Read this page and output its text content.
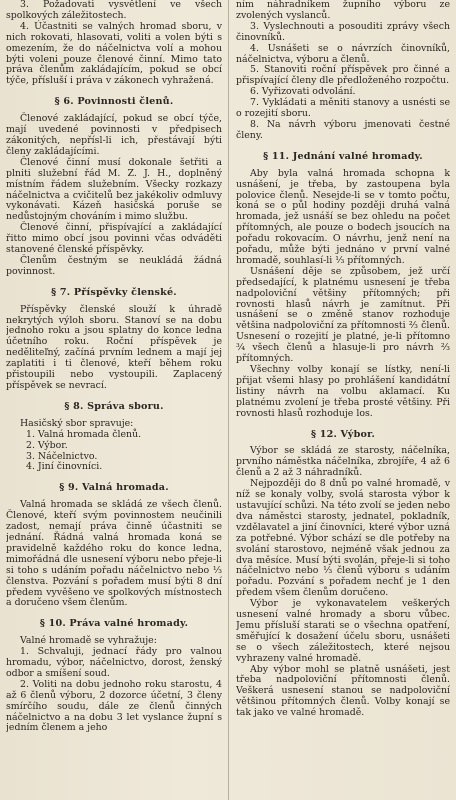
3. Požadovati vysvětlení ve všech spolkových záležitostech.

4. Účastniti se valných hromad sboru, v nich rokovati, hlasovati, voliti a volen býti s omezením, že do náčelnictva volí a mohou býti voleni pouze členové činní. Mimo tato práva členům zakládajícím, pokud se obcí týče, přísluší i práva v zákonech vyhražená.

§ 6. Povinnosti členů.

Členové zakládající, pokud se obcí týče, mají uvedené povinnosti v předpisech zákonitých, nepřísl-li ich, přestávají býti členy zakládajícími.

Členové činní musí dokonale šetřiti a plniti služební řád M. Z. J. H., doplněný místním řádem služebním. Všecky rozkazy náčelnictva a cvičitelů bez jakékoliv odmluvy vykonávati. Kázeň hasičská poruše se nedůstojným chováním i mimo službu.

Členové činní, přispívající a zakládající řitto mimo obcí jsou povinni včas odváděti stanovené členské příspěvky.

Členům čestným se neukládá žádná povinnost.

§ 7. Příspěvky členské.

Příspěvky členské slouží k úhradě nekrytých výloh sboru. Stanoví se na dobu jednoho roku a jsou splatny do konce ledna účetního roku. Roční příspěvek je neděliteľný, začíná prvním lednem a mají jej zaplatiti i ti členové, kteří během roku přistoupili nebo vystoupili. Zaplacený příspěvek se nevrací.

§ 8. Správa sboru.

Hasičský sbor spravuje:

1. Valná hromada členů.
2. Výbor.
3. Náčelnictvo.
4. Jiní činovníci.
§ 9. Valná hromada.

Valná hromada se skládá ze všech členů. Členové, kteří svým povinnostem neučinili zadost, nemají práva činně účastniti se jednání. Řádná valná hromada koná se pravidelně každého roku do konce ledna, mimořádná dle usnesení výboru nebo přeje-li si toho s udáním pořadu náčelnictvo nebo ⅓ členstva. Pozvání s pořadem musí býti 8 dní předem vyvěšeno ve spolkových místnostech a doručeno všem členům.

§ 10. Práva valné hromady.

Valné hromadě se vyhražuje:

1. Schvaluji, jednací řády pro valnou hromadu, výbor, náčelnictvo, dorost, ženský odbor a smíšení soud.

2. Voliti na dobu jednoho roku starostu, 4 až 6 členů výboru, 2 dozorce účetní, 3 členy smírčího soudu, dále ze členů činných náčelnictvo a na dobu 3 let vyslance župní s jedním členem a jeho

ním náhradníkem župního výboru ze zvolených vyslanců.

3. Vyslechnouti a posouditi zprávy všech činovníků.

4. Usnášeti se o návrzích činovníků, náčelnictva, výboru a členů.

5. Stanoviti roční příspěvek pro činné a přispívající členy dle předloženého rozpočtu.

6. Vyřizovati odvolání.

7. Vykládati a měniti stanovy a usnésti se o rozejití sboru.

8. Na návrh výboru jmenovati čestné členy.

§ 11. Jednání valné hromady.

Aby byla valná hromada schopna k usnášení, je třeba, by zastoupena byla polovice členů. Nesejde-li se v tomto počtu, koná se o půl hodiny později druhá valná hromada, jež usnáší se bez ohledu na počet přítomných, ale pouze o bodech jsoucích na pořadu rokovacím. O návrhu, jenž není na pořadu, může býti jednáno v první valné hromadě, souhlasí-li ⅓ přítomných.

Usnášení děje se způsobem, jež určí předsedající, k platnému usnesení je třeba nadpoloviční většiny přítomných; při rovnosti hlasů návrh je zamítnut. Při usnášení se o změně stanov rozhoduje většina nadpoloviční za přítomnosti ⅔ členů. Usnesení o rozejití je platné, je-li přítomno ¾ všech členů a hlasuje-li pro návrh ⅔ přítomných.

Všechny volby konají se lístky, není-li přijat všemi hlasy po prohlášení kandidátní listiny návrh na volbu aklamací. Ku platnému zvolení je třeba prosté většiny. Při rovnosti hlasů rozhoduje los.

§ 12. Výbor.

Výbor se skládá ze starosty, náčelníka, prvního náměstka náčelníka, zbrojíře, 4 až 6 členů a 2 až 3 náhradníků.

Nejpozději do 8 dnů po valné hromadě, v níž se konaly volby, svolá starosta výbor k ustavující schůzi. Na této zvolí se jeden nebo dva náměstci starosty, jednatel, pokladník, vzdělavatel a jiní činovníci, které výbor uzná za potřebné. Výbor schází se dle potřeby na svolání starostovo, nejméně však jednou za dva měsíce. Musí býti svolán, přeje-li si toho náčelnictvo nebo ⅓ členů výboru s udáním pořadu. Pozvání s pořadem nechť je 1 den předem všem členům doručeno.

Výbor je vykonavatelem veškerých usnesení valné hromady a sboru vůbec. Jemu přísluší starati se o všechna opatření, směřující k dosažení účelu sboru, usnášeti se o všech záležitostech, které nejsou vyhrazeny valné hromadě.

Aby výbor mohl se platně usnášeti, jest třeba nadpoloviční přítomnosti členů. Veškerá usnesení stanou se nadpoloviční většinou přítomných členů. Volby konají se tak jako ve valné hromadě.
